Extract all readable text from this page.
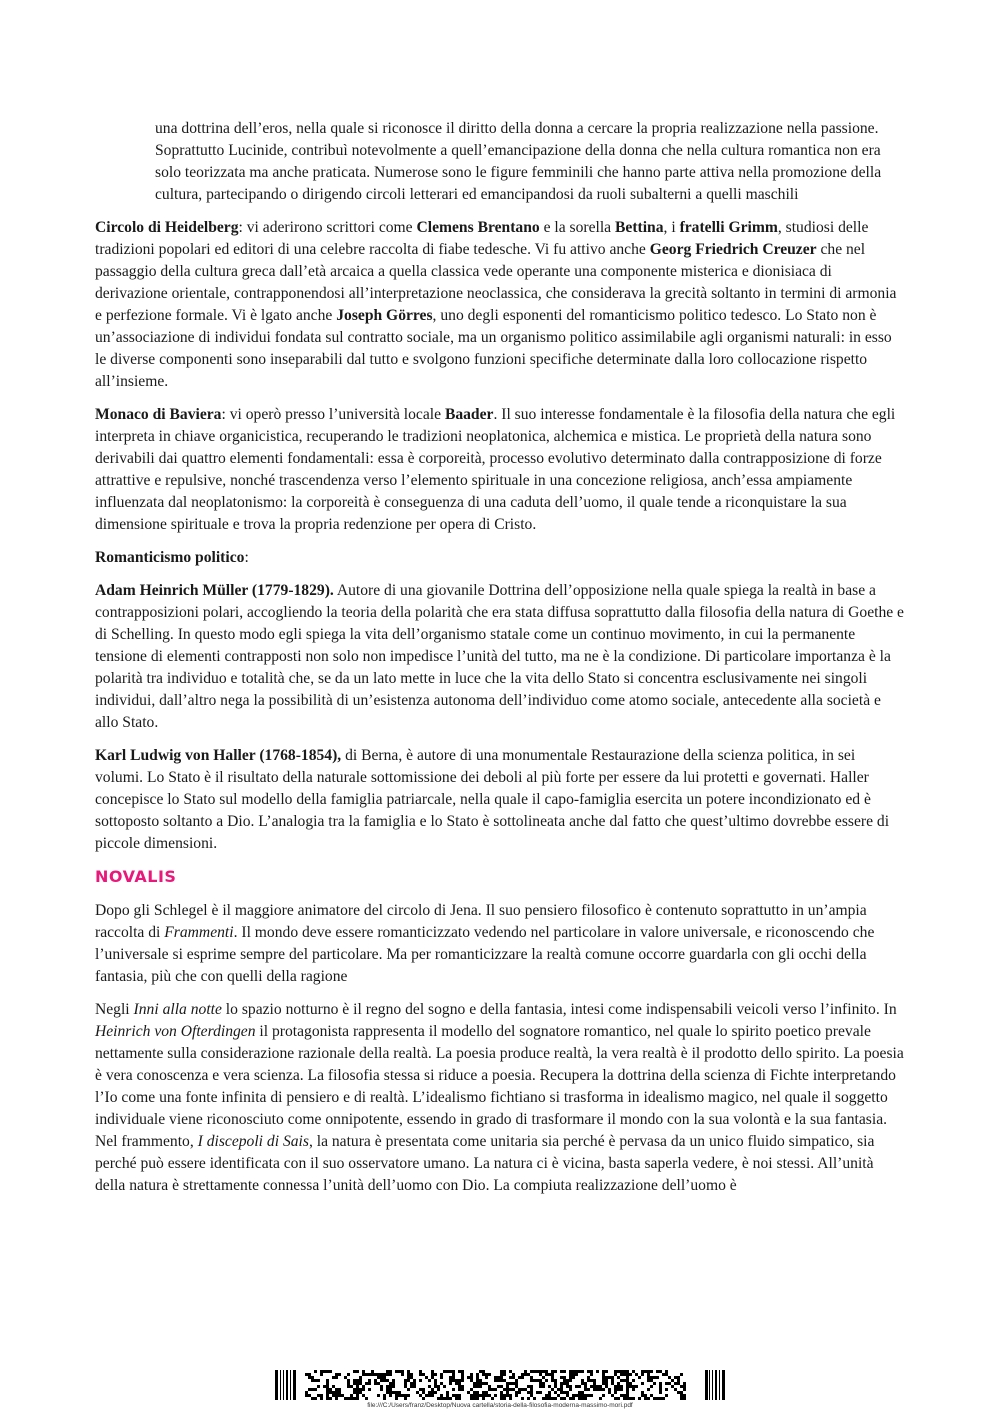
una dottrina dell’eros, nella quale si riconosce il diritto della donna a cercare la propria realizzazione nella passione. Soprattutto Lucinide, contribuì notevolmente a quell’emancipazione della donna che nella cultura romantica non era solo teorizzata ma anche praticata. Numerose sono le figure femminili che hanno parte attiva nella promozione della cultura, partecipando o dirigendo circoli letterari ed emancipandosi da ruoli subalterni a quelli maschili

Circolo di Heidelberg: vi aderirono scrittori come Clemens Brentano e la sorella Bettina, i fratelli Grimm, studiosi delle tradizioni popolari ed editori di una celebre raccolta di fiabe tedesche. Vi fu attivo anche Georg Friedrich Creuzer che nel passaggio della cultura greca dall’età arcaica a quella classica vede operante una componente misterica e dionisiaca di derivazione orientale, contrapponendosi all’interpretazione neoclassica, che considerava la grecità soltanto in termini di armonia e perfezione formale. Vi è lgato anche Joseph Görres, uno degli esponenti del romanticismo politico tedesco. Lo Stato non è un’associazione di individui fondata sul contratto sociale, ma un organismo politico assimilabile agli organismi naturali: in esso le diverse componenti sono inseparabili dal tutto e svolgono funzioni specifiche determinate dalla loro collocazione rispetto all’insieme.

Monaco di Baviera: vi operò presso l’università locale Baader. Il suo interesse fondamentale è la filosofia della natura che egli interpreta in chiave organicistica, recuperando le tradizioni neoplatonica, alchemica e mistica. Le proprietà della natura sono derivabili dai quattro elementi fondamentali: essa è corporeità, processo evolutivo determinato dalla contrapposizione di forze attrattive e repulsive, nonché trascendenza verso l’elemento spirituale in una concezione religiosa, anch’essa ampiamente influenzata dal neoplatonismo: la corporeità è conseguenza di una caduta dell’uomo, il quale tende a riconquistare la sua dimensione spirituale e trova la propria redenzione per opera di Cristo.

Romanticismo politico:

Adam Heinrich Müller (1779-1829). Autore di una giovanile Dottrina dell’opposizione nella quale spiega la realtà in base a contrapposizioni polari, accogliendo la teoria della polarità che era stata diffusa soprattutto dalla filosofia della natura di Goethe e di Schelling. In questo modo egli spiega la vita dell’organismo statale come un continuo movimento, in cui la permanente tensione di elementi contrapposti non solo non impedisce l’unità del tutto, ma ne è la condizione. Di particolare importanza è la polarità tra individuo e totalità che, se da un lato mette in luce che la vita dello Stato si concentra esclusivamente nei singoli individui, dall’altro nega la possibilità di un’esistenza autonoma dell’individuo come atomo sociale, antecedente alla società e allo Stato.

Karl Ludwig von Haller (1768-1854), di Berna, è autore di una monumentale Restaurazione della scienza politica, in sei volumi. Lo Stato è il risultato della naturale sottomissione dei deboli al più forte per essere da lui protetti e governati. Haller concepisce lo Stato sul modello della famiglia patriarcale, nella quale il capo-famiglia esercita un potere incondizionato ed è sottoposto soltanto a Dio. L’analogia tra la famiglia e lo Stato è sottolineata anche dal fatto che quest’ultimo dovrebbe essere di piccole dimensioni.

NOVALIS

Dopo gli Schlegel è il maggiore animatore del circolo di Jena. Il suo pensiero filosofico è contenuto soprattutto in un’ampia raccolta di Frammenti. Il mondo deve essere romanticizzato vedendo nel particolare in valore universale, e riconoscendo che l’universale si esprime sempre del particolare. Ma per romanticizzare la realtà comune occorre guardarla con gli occhi della fantasia, più che con quelli della ragione

Negli Inni alla notte lo spazio notturno è il regno del sogno e della fantasia, intesi come indispensabili veicoli verso l’infinito. In Heinrich von Ofterdingen il protagonista rappresenta il modello del sognatore romantico, nel quale lo spirito poetico prevale nettamente sulla considerazione razionale della realtà. La poesia produce realtà, la vera realtà è il prodotto dello spirito. La poesia è vera conoscenza e vera scienza. La filosofia stessa si riduce a poesia. Recupera la dottrina della scienza di Fichte interpretando l’Io come una fonte infinita di pensiero e di realtà. L’idealismo fichtiano si trasforma in idealismo magico, nel quale il soggetto individuale viene riconosciuto come onnipotente, essendo in grado di trasformare il mondo con la sua volontà e la sua fantasia. Nel frammento, I discepoli di Sais, la natura è presentata come unitaria sia perché è pervasa da un unico fluido simpatico, sia perché può essere identificata con il suo osservatore umano. La natura ci è vicina, basta saperla vedere, è noi stessi. All’unità della natura è strettamente connessa l’unità dell’uomo con Dio. La compiuta realizzazione dell’uomo è

file:///C:/Users/franz/Desktop/Nuova cartella/storia-della-filosofia-moderna-massimo-mori.pdf
